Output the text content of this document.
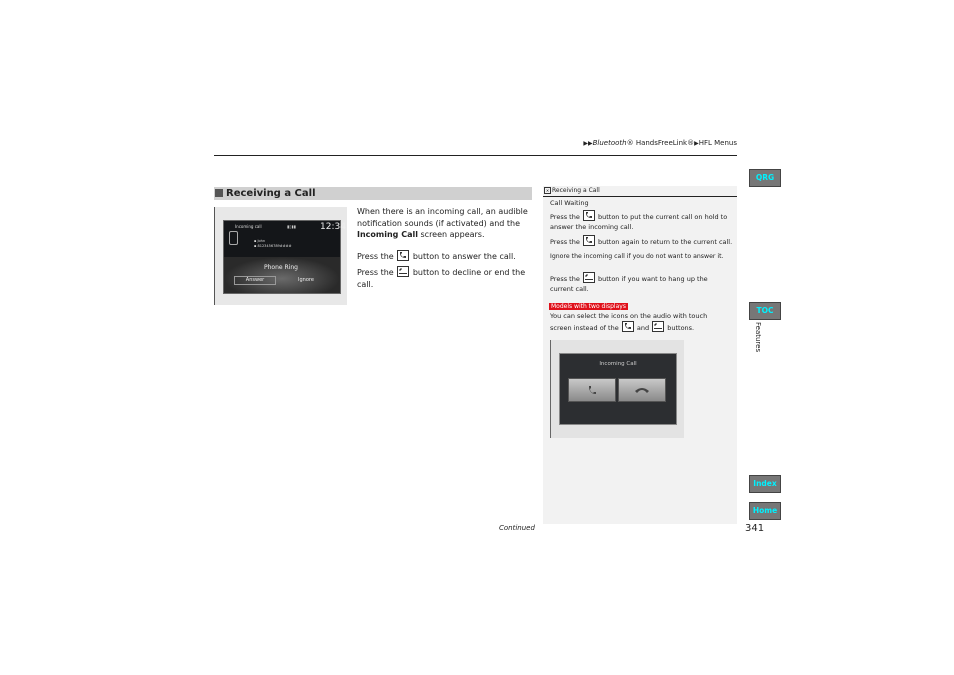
▶▶Bluetooth® HandsFreeLink®▶HFL Menus
Receiving a Call
Incoming call	▮▯▮▮	12:34
▪ John
▪ 8123456789####
Phone Ring
Answer	Ignore
When there is an incoming call, an audible
notification sounds (if activated) and the
Incoming Call screen appears.
Press the
button to answer the call.
Press the
button to decline or end the call.
✕ Receiving a Call
Call Waiting
Press the
button to put the current call on hold to
answer the incoming call.
Press the
button again to return to the current call.
Ignore the incoming call if you do not want to answer it.
Press the
button if you want to hang up the
current call.
Models with two displays
You can select the icons on the audio with touch
screen instead of the
and
buttons.
Incoming Call
QRG
TOC
Features
Index
Home
Continued	341
